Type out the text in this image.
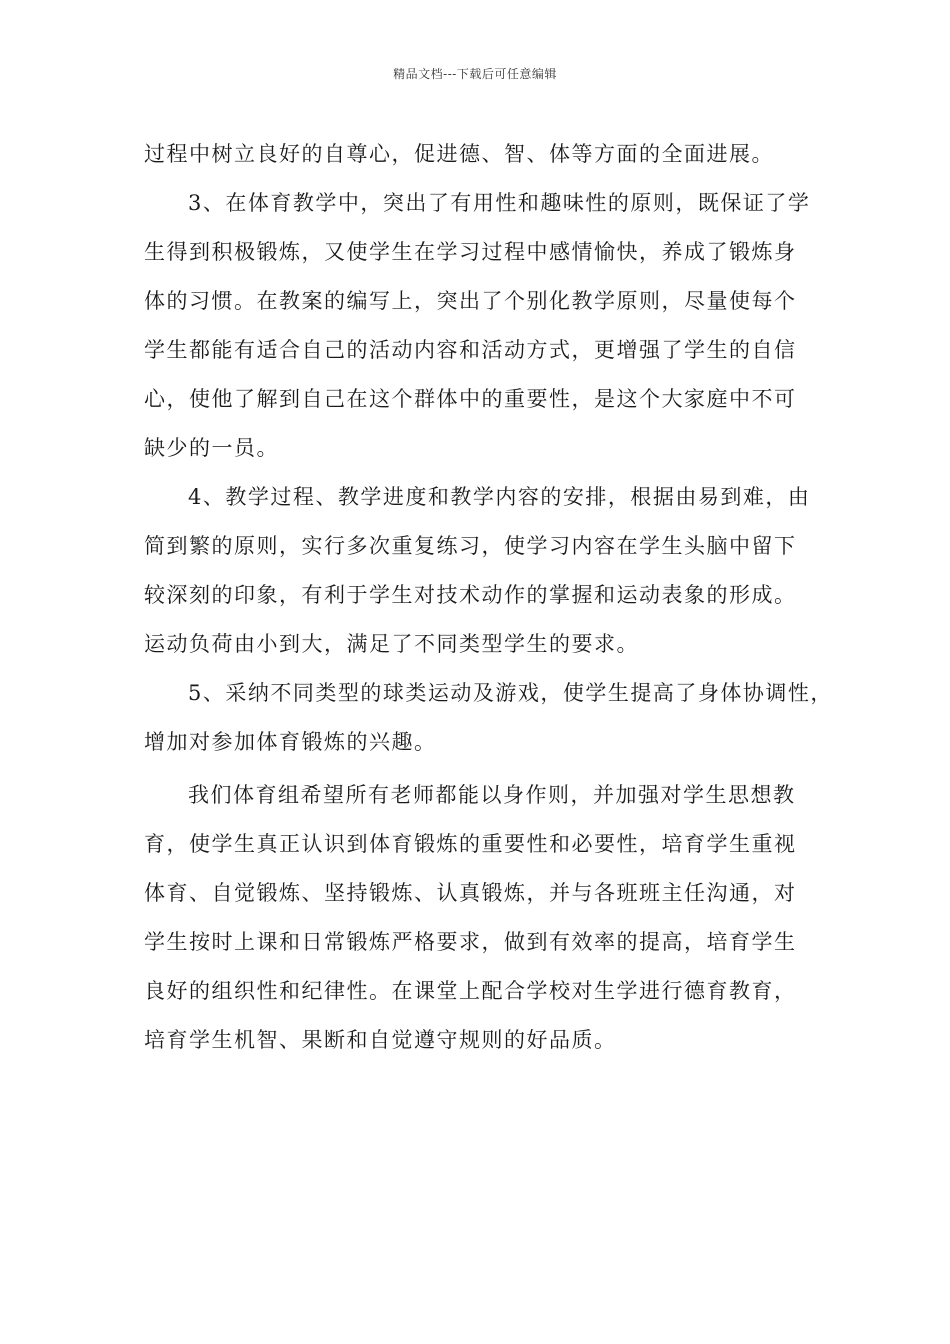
精品文档---下载后可任意编辑
过程中树立良好的自尊心，促进德、智、体等方面的全面进展。
3、在体育教学中，突出了有用性和趣味性的原则，既保证了学
生得到积极锻炼，又使学生在学习过程中感情愉快，养成了锻炼身
体的习惯。在教案的编写上，突出了个别化教学原则，尽量使每个
学生都能有适合自己的活动内容和活动方式，更增强了学生的自信
心，使他了解到自己在这个群体中的重要性，是这个大家庭中不可
缺少的一员。
4、教学过程、教学进度和教学内容的安排，根据由易到难，由
简到繁的原则，实行多次重复练习，使学习内容在学生头脑中留下
较深刻的印象，有利于学生对技术动作的掌握和运动表象的形成。
运动负荷由小到大，满足了不同类型学生的要求。
5、采纳不同类型的球类运动及游戏，使学生提高了身体协调性，
增加对参加体育锻炼的兴趣。
我们体育组希望所有老师都能以身作则，并加强对学生思想教
育，使学生真正认识到体育锻炼的重要性和必要性，培育学生重视
体育、自觉锻炼、坚持锻炼、认真锻炼，并与各班班主任沟通，对
学生按时上课和日常锻炼严格要求，做到有效率的提高，培育学生
良好的组织性和纪律性。在课堂上配合学校对生学进行德育教育，
培育学生机智、果断和自觉遵守规则的好品质。
